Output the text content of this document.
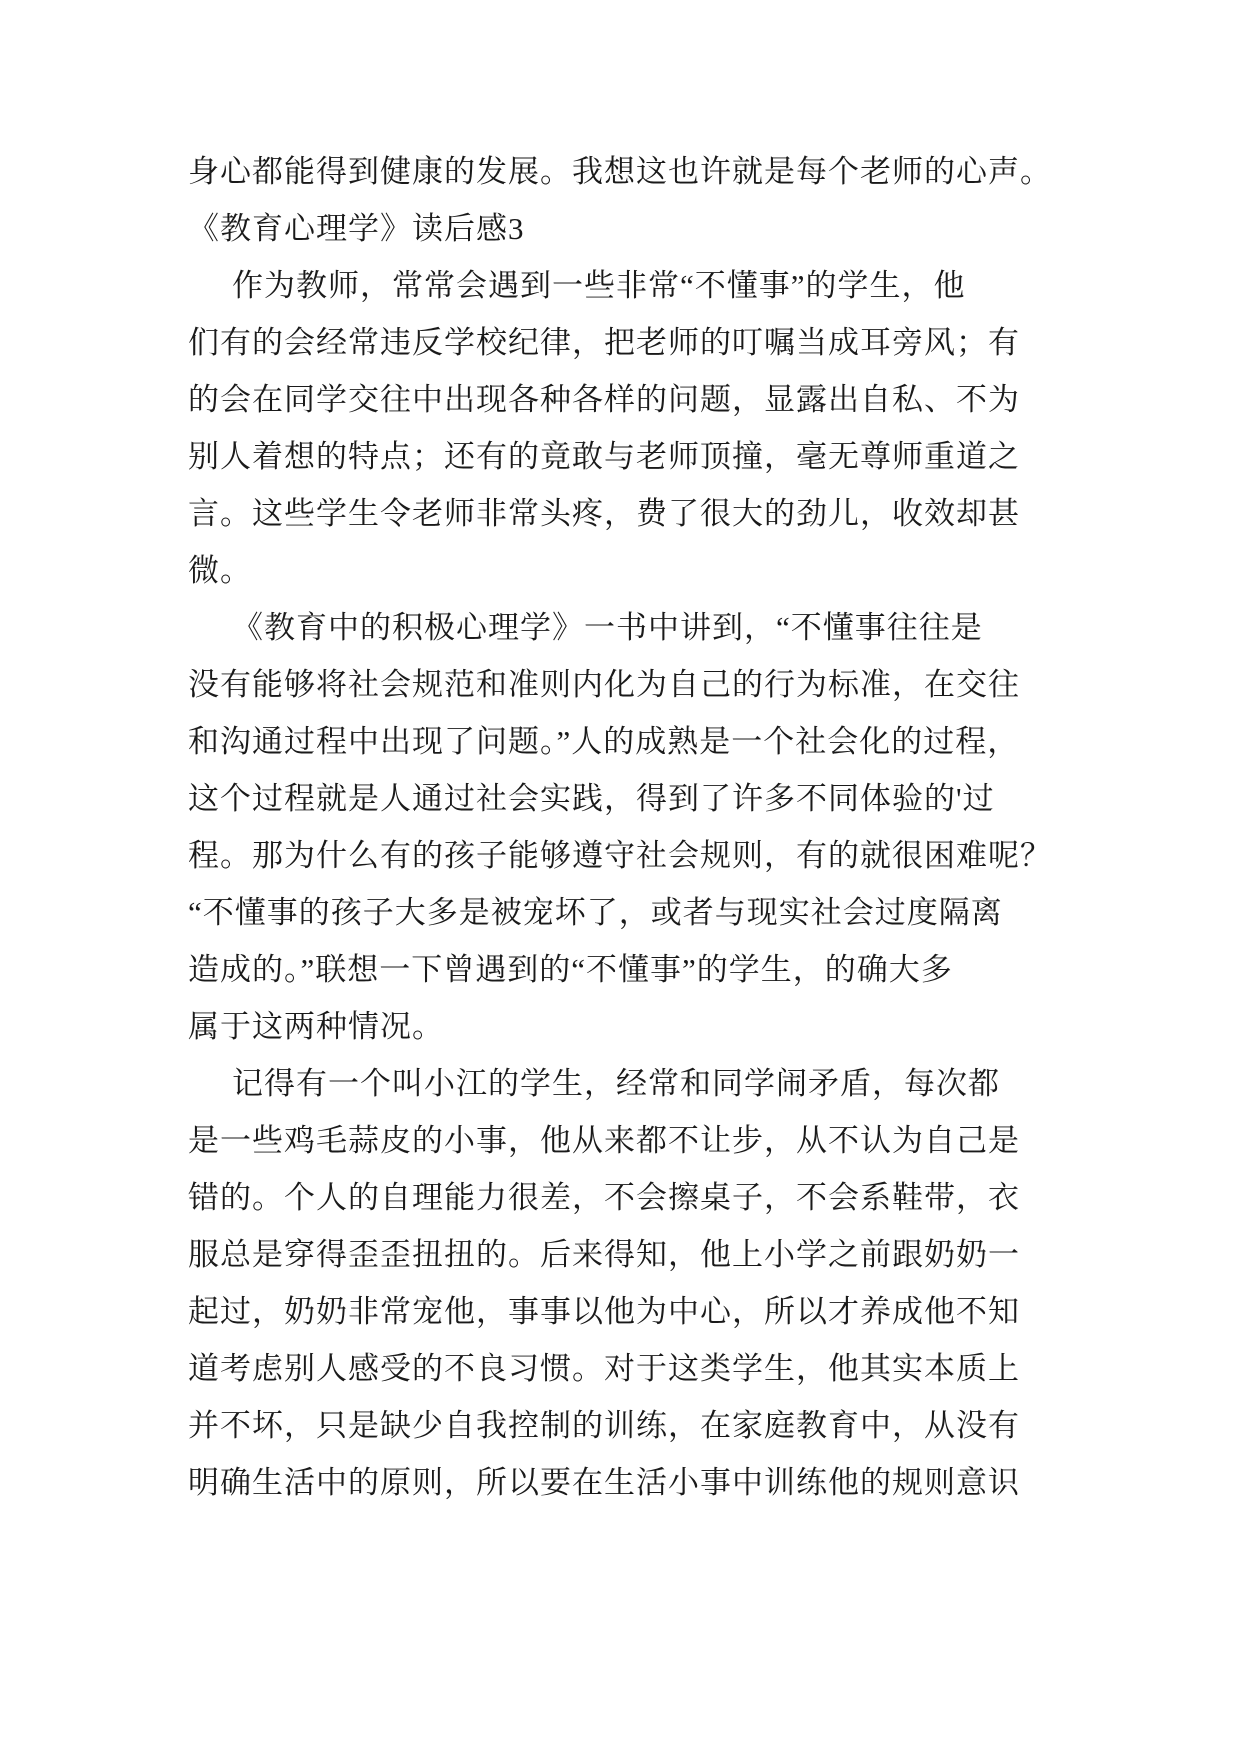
身心都能得到健康的发展。我想这也许就是每个老师的心声。
《教育心理学》读后感3
作为教师，常常会遇到一些非常“不懂事”的学生，他
们有的会经常违反学校纪律，把老师的叮嘱当成耳旁风；有
的会在同学交往中出现各种各样的问题，显露出自私、不为
别人着想的特点；还有的竟敢与老师顶撞，毫无尊师重道之
言。这些学生令老师非常头疼，费了很大的劲儿，收效却甚
微。
《教育中的积极心理学》一书中讲到，“不懂事往往是
没有能够将社会规范和准则内化为自己的行为标准，在交往
和沟通过程中出现了问题。”人的成熟是一个社会化的过程，
这个过程就是人通过社会实践，得到了许多不同体验的'过
程。那为什么有的孩子能够遵守社会规则，有的就很困难呢？
“不懂事的孩子大多是被宠坏了，或者与现实社会过度隔离
造成的。”联想一下曾遇到的“不懂事”的学生，的确大多
属于这两种情况。
记得有一个叫小江的学生，经常和同学闹矛盾，每次都
是一些鸡毛蒜皮的小事，他从来都不让步，从不认为自己是
错的。个人的自理能力很差，不会擦桌子，不会系鞋带，衣
服总是穿得歪歪扭扭的。后来得知，他上小学之前跟奶奶一
起过，奶奶非常宠他，事事以他为中心，所以才养成他不知
道考虑别人感受的不良习惯。对于这类学生，他其实本质上
并不坏，只是缺少自我控制的训练，在家庭教育中，从没有
明确生活中的原则，所以要在生活小事中训练他的规则意识
